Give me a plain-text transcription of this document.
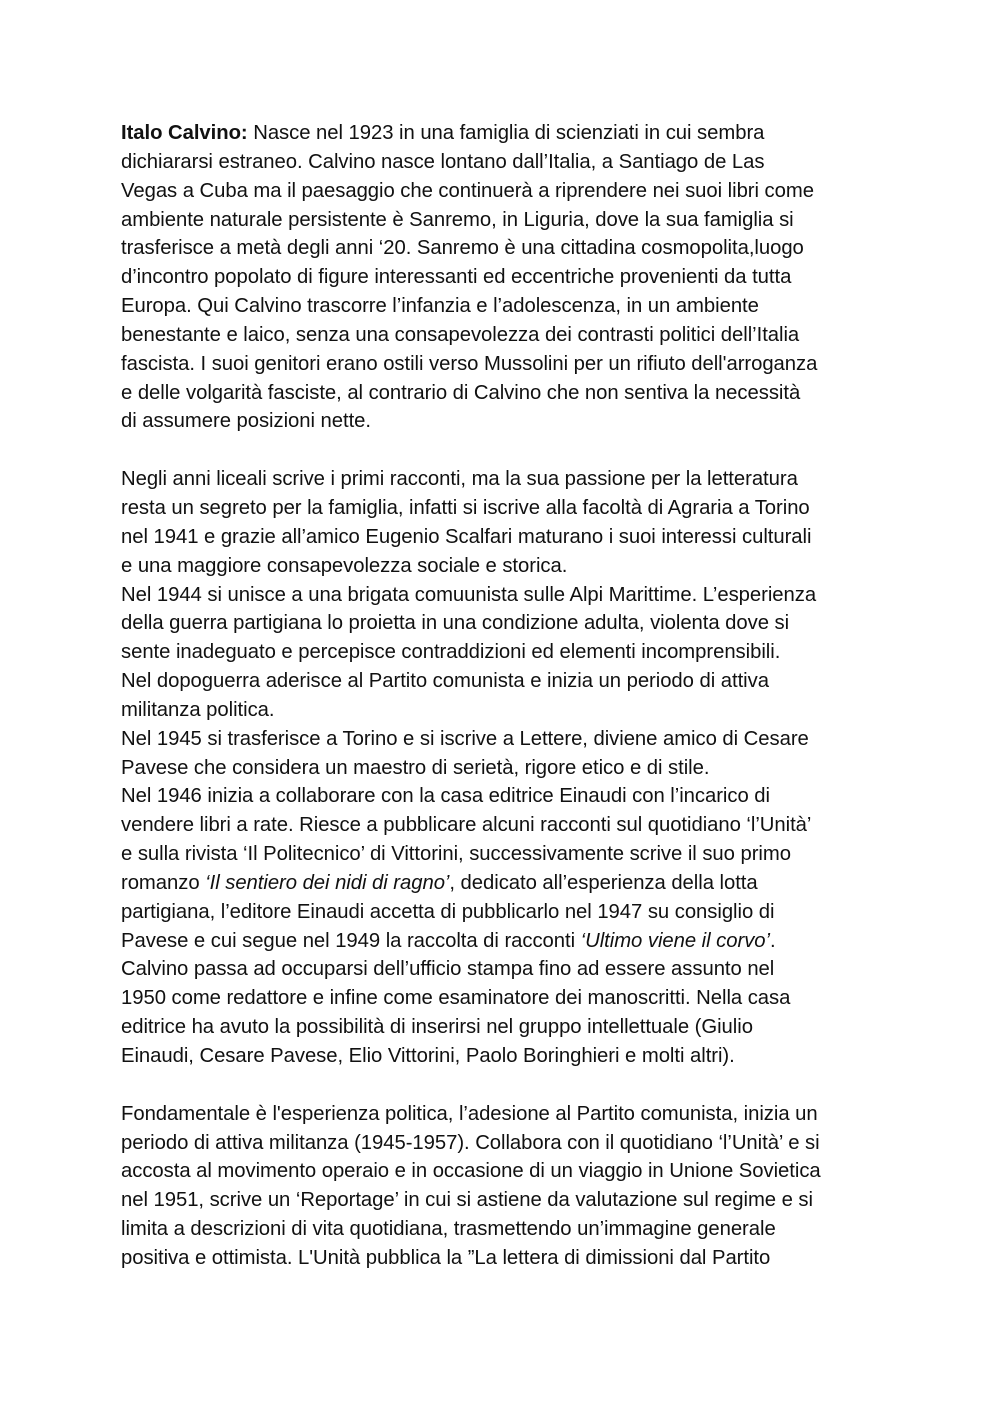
Italo Calvino: Nasce nel 1923 in una famiglia di scienziati in cui sembra
dichiararsi estraneo. Calvino nasce lontano dall’Italia, a Santiago de Las
Vegas a Cuba ma il paesaggio che continuerà a riprendere nei suoi libri come
ambiente naturale persistente è Sanremo, in Liguria, dove la sua famiglia si
trasferisce a metà degli anni ‘20. Sanremo è una cittadina cosmopolita,luogo
d’incontro popolato di figure interessanti ed eccentriche provenienti da tutta
Europa. Qui Calvino trascorre l’infanzia e l’adolescenza, in un ambiente
benestante e laico, senza una consapevolezza dei contrasti politici dell’Italia
fascista. I suoi genitori erano ostili verso Mussolini per un rifiuto dell'arroganza
e delle volgarità fasciste, al contrario di Calvino che non sentiva la necessità
di assumere posizioni nette.
Negli anni liceali scrive i primi racconti, ma la sua passione per la letteratura
resta un segreto per la famiglia, infatti si iscrive alla facoltà di Agraria a Torino
nel 1941 e grazie all’amico Eugenio Scalfari maturano i suoi interessi culturali
e una maggiore consapevolezza sociale e storica.
Nel 1944 si unisce a una brigata comuunista sulle Alpi Marittime. L’esperienza
della guerra partigiana lo proietta in una condizione adulta, violenta dove si
sente inadeguato e percepisce contraddizioni ed elementi incomprensibili.
Nel dopoguerra aderisce al Partito comunista e inizia un periodo di attiva
militanza politica.
Nel 1945 si trasferisce a Torino e si iscrive a Lettere, diviene amico di Cesare
Pavese che considera un maestro di serietà, rigore etico e di stile.
Nel 1946 inizia a collaborare con la casa editrice Einaudi con l’incarico di
vendere libri a rate. Riesce a pubblicare alcuni racconti sul quotidiano ‘l’Unità’
e sulla rivista ‘Il Politecnico’ di Vittorini, successivamente scrive il suo primo
romanzo ‘Il sentiero dei nidi di ragno’, dedicato all’esperienza della lotta
partigiana, l’editore Einaudi accetta di pubblicarlo nel 1947 su consiglio di
Pavese e cui segue nel 1949 la raccolta di racconti ‘Ultimo viene il corvo’.
Calvino passa ad occuparsi dell’ufficio stampa fino ad essere assunto nel
1950 come redattore e infine come esaminatore dei manoscritti. Nella casa
editrice ha avuto la possibilità di inserirsi nel gruppo intellettuale (Giulio
Einaudi, Cesare Pavese, Elio Vittorini, Paolo Boringhieri e molti altri).
Fondamentale è l'esperienza politica, l’adesione al Partito comunista, inizia un
periodo di attiva militanza (1945-1957). Collabora con il quotidiano ‘l’Unità’ e si
accosta al movimento operaio e in occasione di un viaggio in Unione Sovietica
nel 1951, scrive un ‘Reportage’ in cui si astiene da valutazione sul regime e si
limita a descrizioni di vita quotidiana, trasmettendo un’immagine generale
positiva e ottimista. L'Unità pubblica la ”La lettera di dimissioni dal Partito
